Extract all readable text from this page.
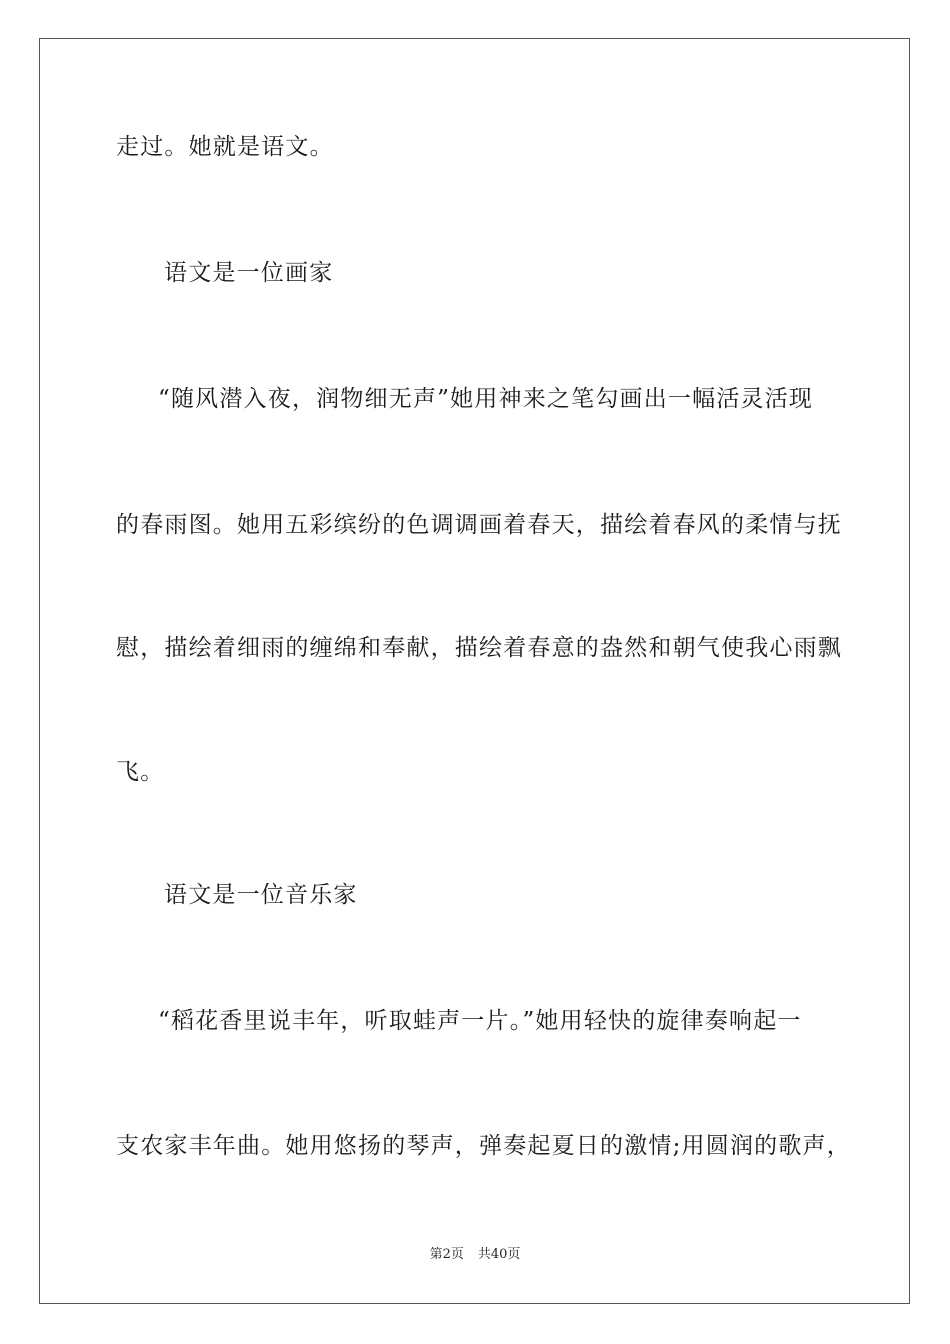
走过。她就是语文。
语文是一位画家
“随风潜入夜，润物细无声”她用神来之笔勾画出一幅活灵活现
的春雨图。她用五彩缤纷的色调调画着春天，描绘着春风的柔情与抚
慰，描绘着细雨的缠绵和奉献，描绘着春意的盎然和朝气使我心雨飘
飞。
语文是一位音乐家
“稻花香里说丰年，听取蛙声一片。”她用轻快的旋律奏响起一
支农家丰年曲。她用悠扬的琴声，弹奏起夏日的激情;用圆润的歌声，
第2页 共40页
